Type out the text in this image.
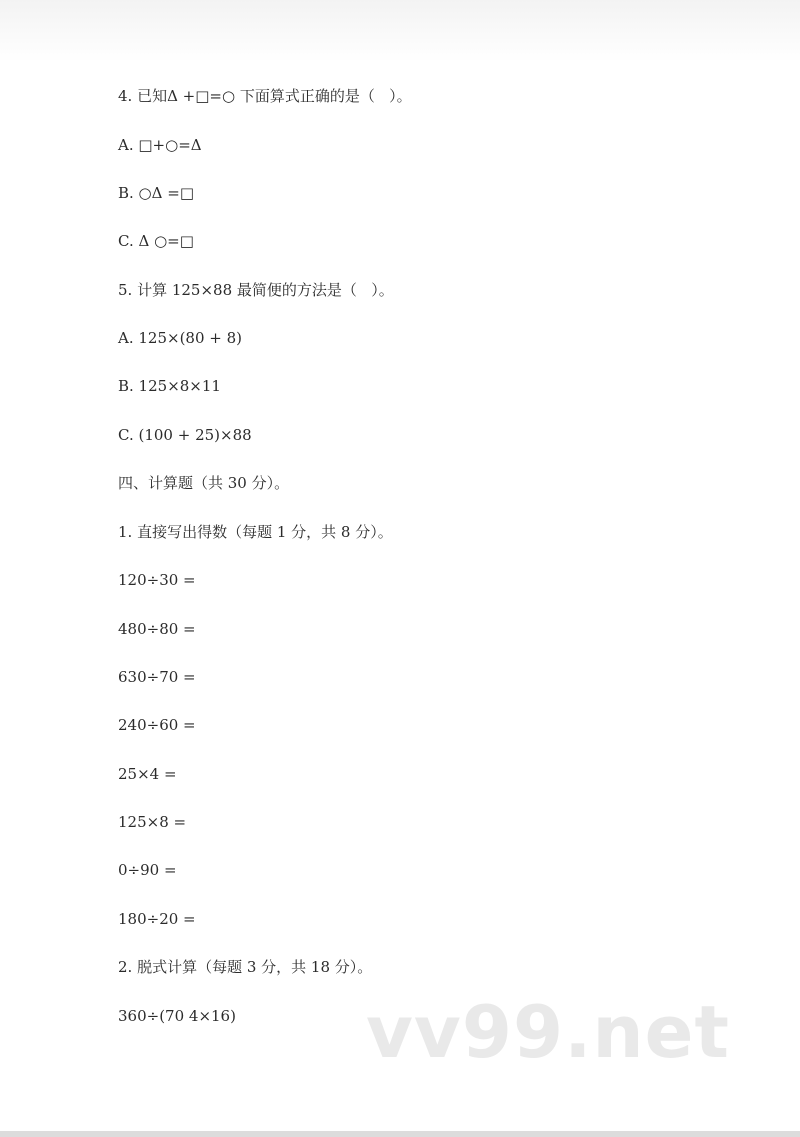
4. 已知Δ +□=○ 下面算式正确的是（   ）。
A. □+○=Δ
B. ○Δ =□
C. Δ ○=□
5. 计算 125×88 最简便的方法是（   ）。
A. 125×(80 + 8)
B. 125×8×11
C. (100 + 25)×88
四、计算题（共 30 分）。
1. 直接写出得数（每题 1 分，共 8 分）。
120÷30 =
480÷80 =
630÷70 =
240÷60 =
25×4 =
125×8 =
0÷90 =
180÷20 =
2. 脱式计算（每题 3 分，共 18 分）。
360÷(70 4×16) vv99.net
